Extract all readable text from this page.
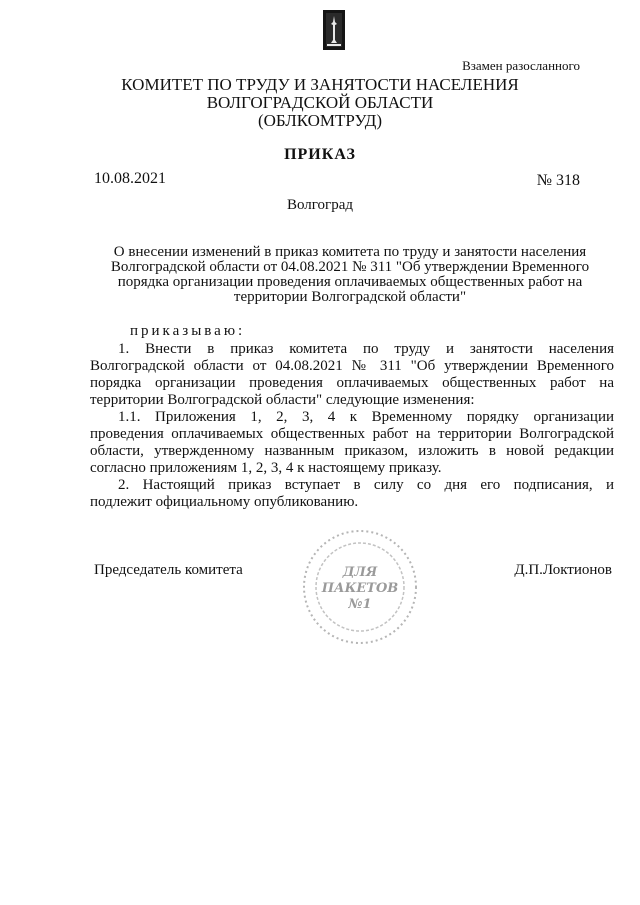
Взамен разосланного
КОМИТЕТ ПО ТРУДУ И ЗАНЯТОСТИ НАСЕЛЕНИЯ
ВОЛГОГРАДСКОЙ ОБЛАСТИ
(ОБЛКОМТРУД)
ПРИКАЗ
10.08.2021	№ 318
Волгоград
О внесении изменений в приказ комитета по труду и занятости населения
Волгоградской области от 04.08.2021 № 311 "Об утверждении Временного
порядка организации проведения оплачиваемых общественных работ на
территории Волгоградской области"
приказываю:
1. Внести в приказ комитета по труду и занятости населения
Волгоградской области от 04.08.2021 № 311 "Об утверждении Временного
порядка организации проведения оплачиваемых общественных работ на
территории Волгоградской области" следующие изменения:
1.1. Приложения 1, 2, 3, 4 к Временному порядку организации
проведения оплачиваемых общественных работ на территории Волгоградской
области, утвержденному названным приказом, изложить в новой редакции
согласно приложениям 1, 2, 3, 4 к настоящему приказу.
2. Настоящий приказ вступает в силу со дня его подписания, и
подлежит официальному опубликованию.
Председатель комитета	Д.П.Локтионов
ДЛЯ
ПАКЕТОВ
№1
